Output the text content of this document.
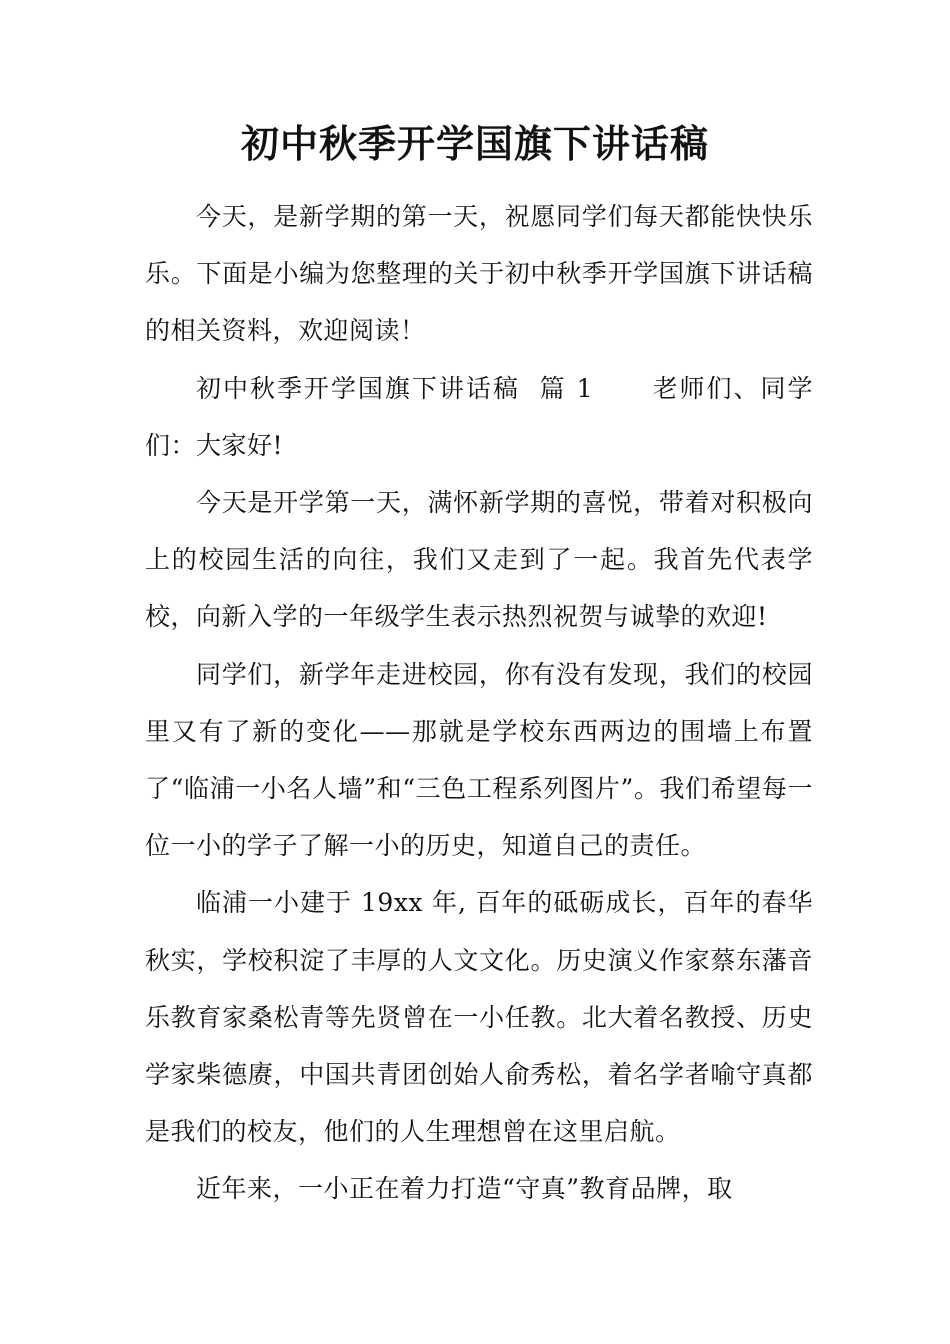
初中秋季开学国旗下讲话稿

今天，是新学期的第一天，祝愿同学们每天都能快快乐乐。下面是小编为您整理的关于初中秋季开学国旗下讲话稿的相关资料，欢迎阅读！

初中秋季开学国旗下讲话稿  篇 1      老师们、同学们：大家好!

今天是开学第一天，满怀新学期的喜悦，带着对积极向上的校园生活的向往，我们又走到了一起。我首先代表学校，向新入学的一年级学生表示热烈祝贺与诚挚的欢迎!

同学们，新学年走进校园，你有没有发现，我们的校园里又有了新的变化——那就是学校东西两边的围墙上布置了“临浦一小名人墙”和“三色工程系列图片”。我们希望每一位一小的学子了解一小的历史，知道自己的责任。

临浦一小建于 19xx 年, 百年的砥砺成长，百年的春华秋实，学校积淀了丰厚的人文文化。历史演义作家蔡东藩音乐教育家桑松青等先贤曾在一小任教。北大着名教授、历史学家柴德赓，中国共青团创始人俞秀松，着名学者喻守真都是我们的校友，他们的人生理想曾在这里启航。

近年来，一小正在着力打造“守真”教育品牌，取
